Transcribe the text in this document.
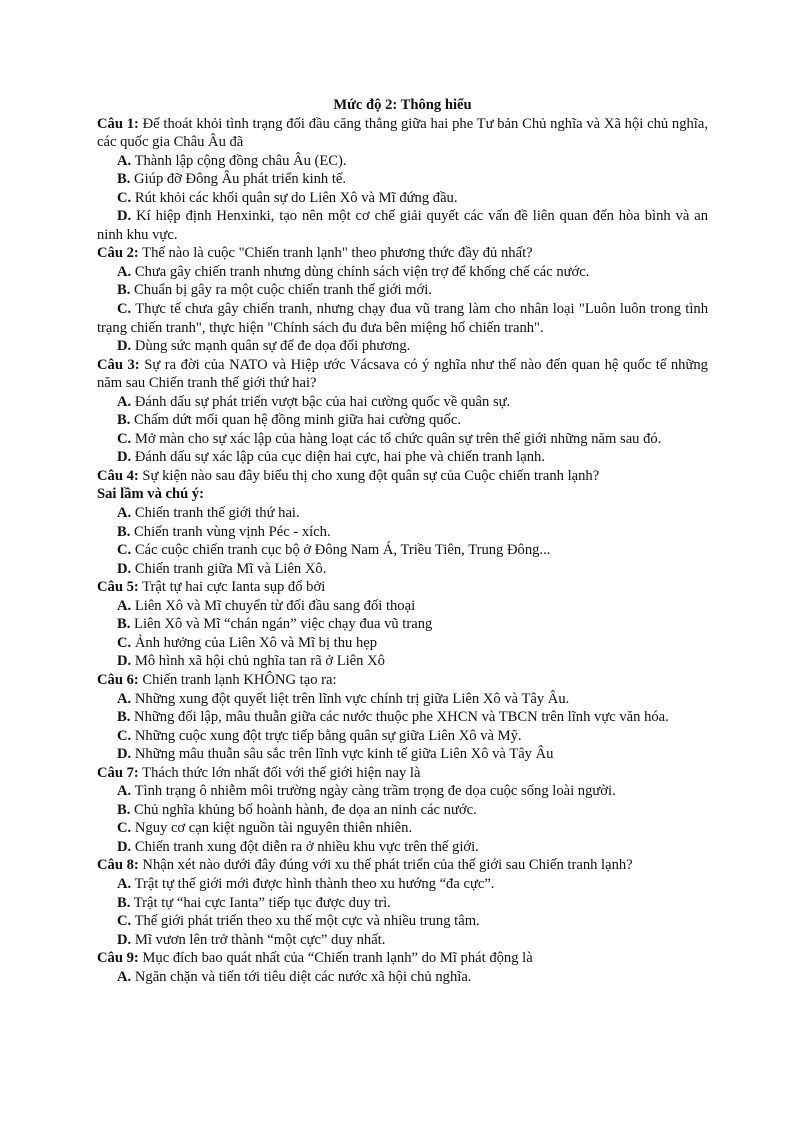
Mức độ 2: Thông hiểu

Câu 1: Để thoát khỏi tình trạng đối đầu căng thẳng giữa hai phe Tư bản Chủ nghĩa và Xã hội chủ nghĩa, các quốc gia Châu Âu đã

A. Thành lập cộng đồng châu Âu (EC).

B. Giúp đỡ Đông Âu phát triển kinh tế.

C. Rút khỏi các khối quân sự do Liên Xô và Mĩ đứng đầu.

D. Kí hiệp định Henxinki, tạo nên một cơ chế giải quyết các vấn đề liên quan đến hòa bình và an ninh khu vực.

Câu 2: Thế nào là cuộc "Chiến tranh lạnh" theo phương thức đầy đủ nhất?

A. Chưa gây chiến tranh nhưng dùng chính sách viện trợ để khống chế các nước.

B. Chuẩn bị gây ra một cuộc chiến tranh thế giới mới.

C. Thực tế chưa gây chiến tranh, nhưng chạy đua vũ trang làm cho nhân loại "Luôn luôn trong tình trạng chiến tranh", thực hiện "Chính sách đu đưa bên miệng hố chiến tranh".

D. Dùng sức mạnh quân sự để đe dọa đối phương.

Câu 3: Sự ra đời của NATO và Hiệp ước Vácsava có ý nghĩa như thế nào đến quan hệ quốc tế những năm sau Chiến tranh thế giới thứ hai?

A. Đánh dấu sự phát triển vượt bậc của hai cường quốc về quân sự.

B. Chấm dứt mối quan hệ đồng minh giữa hai cường quốc.

C. Mở màn cho sự xác lập của hàng loạt các tổ chức quân sự trên thế giới những năm sau đó.

D. Đánh dấu sự xác lập của cục diện hai cực, hai phe và chiến tranh lạnh.

Câu 4: Sự kiện nào sau đây biểu thị cho xung đột quân sự của Cuộc chiến tranh lạnh?

Sai lầm và chú ý:

A. Chiến tranh thế giới thứ hai.

B. Chiến tranh vùng vịnh Péc - xích.

C. Các cuộc chiến tranh cục bộ ở Đông Nam Á, Triều Tiên, Trung Đông...

D. Chiến tranh giữa Mĩ và Liên Xô.

Câu 5: Trật tự hai cực Ianta sụp đổ bởi

A. Liên Xô và Mĩ chuyển từ đối đầu sang đối thoại

B. Liên Xô và Mĩ “chán ngán” việc chạy đua vũ trang

C. Ảnh hưởng của Liên Xô và Mĩ bị thu hẹp

D. Mô hình xã hội chủ nghĩa tan rã ở Liên Xô

Câu 6: Chiến tranh lạnh KHÔNG tạo ra:

A. Những xung đột quyết liệt trên lĩnh vực chính trị giữa Liên Xô và Tây Âu.

B. Những đối lập, mâu thuẫn giữa các nước thuộc phe XHCN và TBCN trên lĩnh vực văn hóa.

C. Những cuộc xung đột trực tiếp bằng quân sự giữa Liên Xô và Mỹ.

D. Những mâu thuẫn sâu sắc trên lĩnh vực kinh tế giữa Liên Xô và Tây Âu

Câu 7: Thách thức lớn nhất đối với thế giới hiện nay là

A. Tình trạng ô nhiễm môi trường ngày càng trầm trọng đe dọa cuộc sống loài người.

B. Chủ nghĩa khủng bố hoành hành, đe dọa an ninh các nước.

C. Nguy cơ cạn kiệt nguồn tài nguyên thiên nhiên.

D. Chiến tranh xung đột diễn ra ở nhiều khu vực trên thế giới.

Câu 8: Nhận xét nào dưới đây đúng với xu thế phát triển của thế giới sau Chiến tranh lạnh?

A. Trật tự thế giới mới được hình thành theo xu hướng “đa cực”.

B. Trật tự “hai cực Ianta” tiếp tục được duy trì.

C. Thế giới phát triển theo xu thế một cực và nhiều trung tâm.

D. Mĩ vươn lên trở thành “một cực” duy nhất.

Câu 9: Mục đích bao quát nhất của “Chiến tranh lạnh” do Mĩ phát động là

A. Ngăn chặn và tiến tới tiêu diệt các nước xã hội chủ nghĩa.
